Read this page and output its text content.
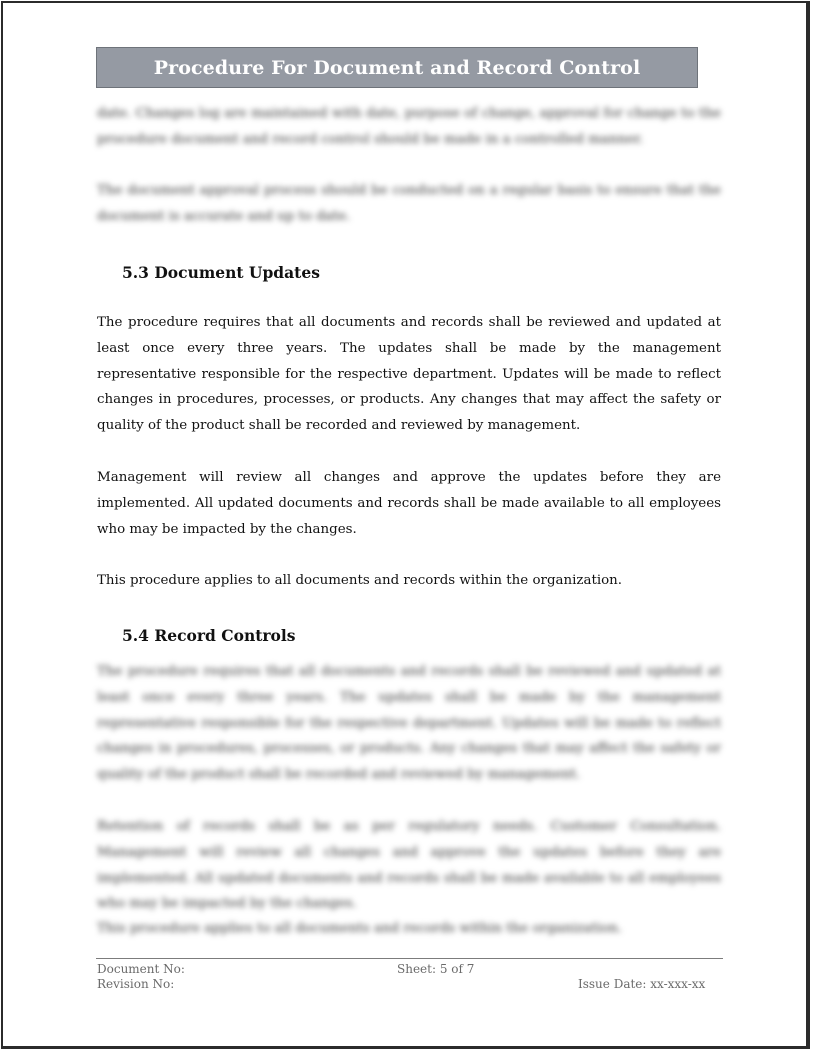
Procedure For Document and Record Control

date. Changes log are maintained with date, purpose of change, approval for change to the procedure document and record control should be made in a controlled manner.

The document approval process should be conducted on a regular basis to ensure that the document is accurate and up to date.

5.3 Document Updates

The procedure requires that all documents and records shall be reviewed and updated at least once every three years. The updates shall be made by the management representative responsible for the respective department. Updates will be made to reflect changes in procedures, processes, or products. Any changes that may affect the safety or quality of the product shall be recorded and reviewed by management.

Management will review all changes and approve the updates before they are implemented. All updated documents and records shall be made available to all employees who may be impacted by the changes.

This procedure applies to all documents and records within the organization.

5.4 Record Controls

The procedure requires that all documents and records shall be reviewed and updated at least once every three years. The updates shall be made by the management representative responsible for the respective department. Updates will be made to reflect changes in procedures, processes, or products. Any changes that may affect the safety or quality of the product shall be recorded and reviewed by management.

Retention of records shall be as per regulatory needs. Customer Consultation. Management will review all changes and approve the updates before they are implemented. All updated documents and records shall be made available to all employees who may be impacted by the changes.

This procedure applies to all documents and records within the organization.

Document No:
Revision No:
Sheet: 5 of 7
Issue Date: xx-xxx-xx
